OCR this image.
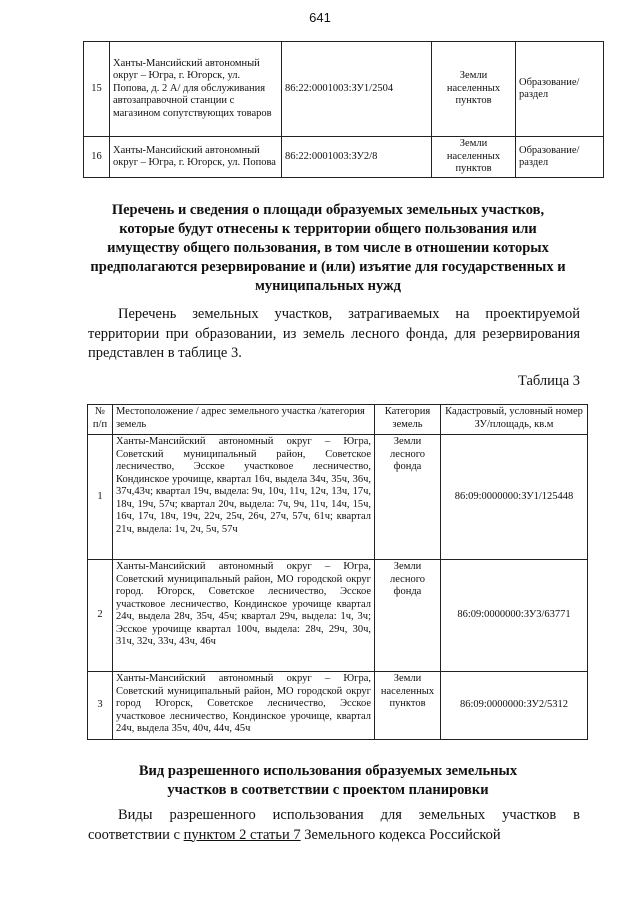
641
15	Ханты-Мансийский автономный округ – Югра, г. Югорск, ул. Попова, д. 2 А/ для обслуживания автозаправочной станции с магазином сопутствующих товаров	86:22:0001003:ЗУ1/2504	Земли населенных пунктов	Образование/ раздел
16	Ханты-Мансийский автономный округ – Югра, г. Югорск, ул. Попова	86:22:0001003:ЗУ2/8	Земли населенных пунктов	Образование/ раздел
Перечень и сведения о площади образуемых земельных участков, которые будут отнесены к территории общего пользования или имуществу общего пользования, в том числе в отношении которых предполагаются резервирование и (или) изъятие для государственных и муниципальных нужд
Перечень земельных участков, затрагиваемых на проектируемой территории при образовании, из земель лесного фонда, для резервирования представлен в таблице 3.
Таблица 3
№ п/п	Местоположение / адрес земельного участка /категория земель	Категория земель	Кадастровый, условный номер ЗУ/площадь, кв.м
1	Ханты-Мансийский автономный округ – Югра, Советский муниципальный район, Советское лесничество, Эсское участковое лесничество, Кондинское урочище, квартал 16ч, выдела 34ч, 35ч, 36ч, 37ч,43ч; квартал 19ч, выдела: 9ч, 10ч, 11ч, 12ч, 13ч, 17ч, 18ч, 19ч, 57ч; квартал 20ч, выдела: 7ч, 9ч, 11ч, 14ч, 15ч, 16ч, 17ч, 18ч, 19ч, 22ч, 25ч, 26ч, 27ч, 57ч, 61ч; квартал 21ч, выдела: 1ч, 2ч, 5ч, 57ч	Земли лесного фонда	86:09:0000000:ЗУ1/125448
2	Ханты-Мансийский автономный округ – Югра, Советский муниципальный район, МО городской округ город. Югорск, Советское лесничество, Эсское участковое лесничество, Кондинское урочище квартал 24ч, выдела 28ч, 35ч, 45ч; квартал 29ч, выдела: 1ч, 3ч; Эсское урочище квартал 100ч, выдела: 28ч, 29ч, 30ч, 31ч, 32ч, 33ч, 43ч, 46ч	Земли лесного фонда	86:09:0000000:ЗУ3/63771
3	Ханты-Мансийский автономный округ – Югра, Советский муниципальный район, МО городской округ город Югорск, Советское лесничество, Эсское участковое лесничество, Кондинское урочище, квартал 24ч, выдела 35ч, 40ч, 44ч, 45ч	Земли населенных пунктов	86:09:0000000:ЗУ2/5312
Вид разрешенного использования образуемых земельных участков в соответствии с проектом планировки
Виды разрешенного использования для земельных участков в соответствии с пунктом 2 статьи 7 Земельного кодекса Российской
